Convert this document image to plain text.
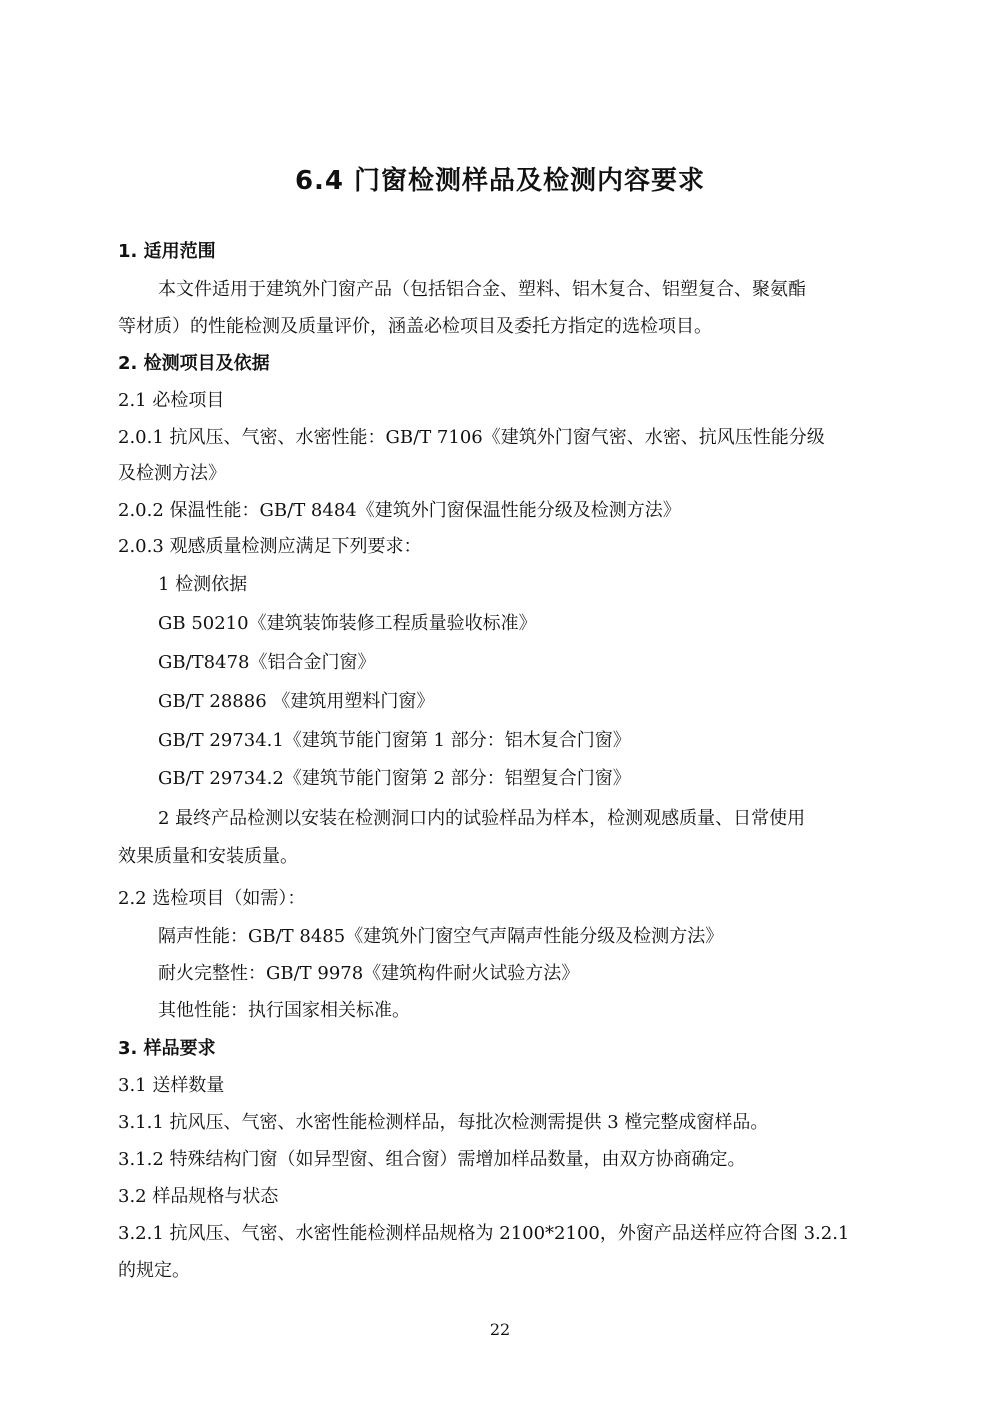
6.4 门窗检测样品及检测内容要求
1. 适用范围
本文件适用于建筑外门窗产品（包括铝合金、塑料、铝木复合、铝塑复合、聚氨酯
等材质）的性能检测及质量评价，涵盖必检项目及委托方指定的选检项目。
2. 检测项目及依据
2.1 必检项目
2.0.1 抗风压、气密、水密性能：GB/T 7106《建筑外门窗气密、水密、抗风压性能分级
及检测方法》
2.0.2 保温性能：GB/T 8484《建筑外门窗保温性能分级及检测方法》
2.0.3 观感质量检测应满足下列要求：
1 检测依据
GB 50210《建筑装饰装修工程质量验收标准》
GB/T8478《铝合金门窗》
GB/T 28886 《建筑用塑料门窗》
GB/T 29734.1《建筑节能门窗第 1 部分：铝木复合门窗》
GB/T 29734.2《建筑节能门窗第 2 部分：铝塑复合门窗》
2 最终产品检测以安装在检测洞口内的试验样品为样本，检测观感质量、日常使用
效果质量和安装质量。
2.2 选检项目（如需）：
隔声性能：GB/T 8485《建筑外门窗空气声隔声性能分级及检测方法》
耐火完整性：GB/T 9978《建筑构件耐火试验方法》
其他性能：执行国家相关标准。
3. 样品要求
3.1 送样数量
3.1.1 抗风压、气密、水密性能检测样品，每批次检测需提供 3 樘完整成窗样品。
3.1.2 特殊结构门窗（如异型窗、组合窗）需增加样品数量，由双方协商确定。
3.2 样品规格与状态
3.2.1 抗风压、气密、水密性能检测样品规格为 2100*2100，外窗产品送样应符合图 3.2.1
的规定。
22
